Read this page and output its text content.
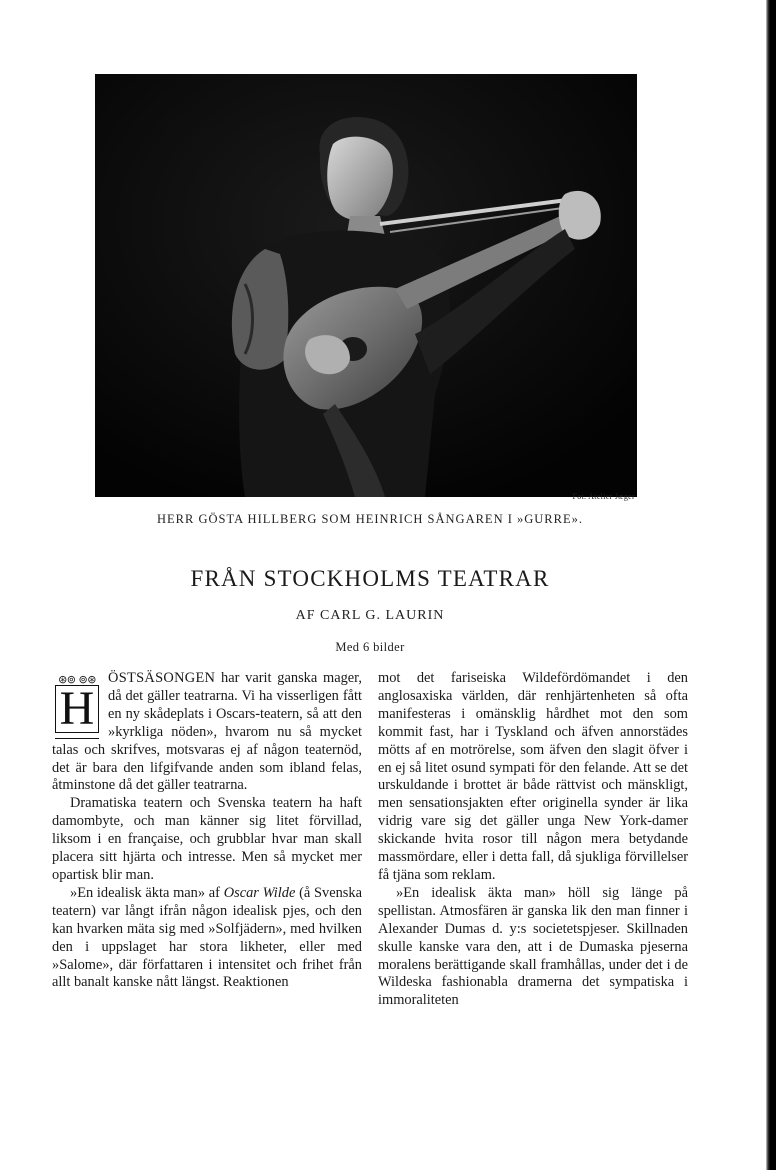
Fot. Atelier Jæger
HERR GÖSTA HILLBERG SOM HEINRICH SÅNGAREN I »GURRE».
FRÅN STOCKHOLMS TEATRAR
AF CARL G. LAURIN
Med 6 bilder

⊛⊚ ⊚⊛
H
ÖSTSÄSONGEN har varit ganska mager, då det gäller teatrarna. Vi ha visserligen fått en ny skådeplats i Oscars-teatern, så att den »kyrkliga nöden», hvarom nu så mycket talas och skrifves, motsvaras ej af någon teaternöd, det är bara den lifgifvande anden som ibland felas, åtminstone då det gäller teatrarna.

Dramatiska teatern och Svenska teatern ha haft damombyte, och man känner sig litet förvillad, liksom i en française, och grubblar hvar man skall placera sitt hjärta och intresse. Men så mycket mer opartisk blir man.

»En idealisk äkta man» af Oscar Wilde (å Svenska teatern) var långt ifrån någon idealisk pjes, och den kan hvarken mäta sig med »Solfjädern», med hvilken den i uppslaget har stora likheter, eller med »Salome», där författaren i intensitet och frihet från allt banalt kanske nått längst. Reaktionen

mot det fariseiska Wildefördömandet i den anglosaxiska världen, där renhjärtenheten så ofta manifesteras i omänsklig hårdhet mot den som kommit fast, har i Tyskland och äfven annorstädes mötts af en motrörelse, som äfven den slagit öfver i en ej så litet osund sympati för den felande. Att se det urskuldande i brottet är både rättvist och mänskligt, men sensationsjakten efter originella synder är lika vidrig vare sig det gäller unga New York-damer skickande hvita rosor till någon mera betydande massmördare, eller i detta fall, då sjukliga förvillelser få tjäna som reklam.

»En idealisk äkta man» höll sig länge på spellistan. Atmosfären är ganska lik den man finner i Alexander Dumas d. y:s societetspjeser. Skillnaden skulle kanske vara den, att i de Dumaska pjeserna moralens berättigande skall framhållas, under det i de Wildeska fashionabla dramerna det sympatiska i immoraliteten
